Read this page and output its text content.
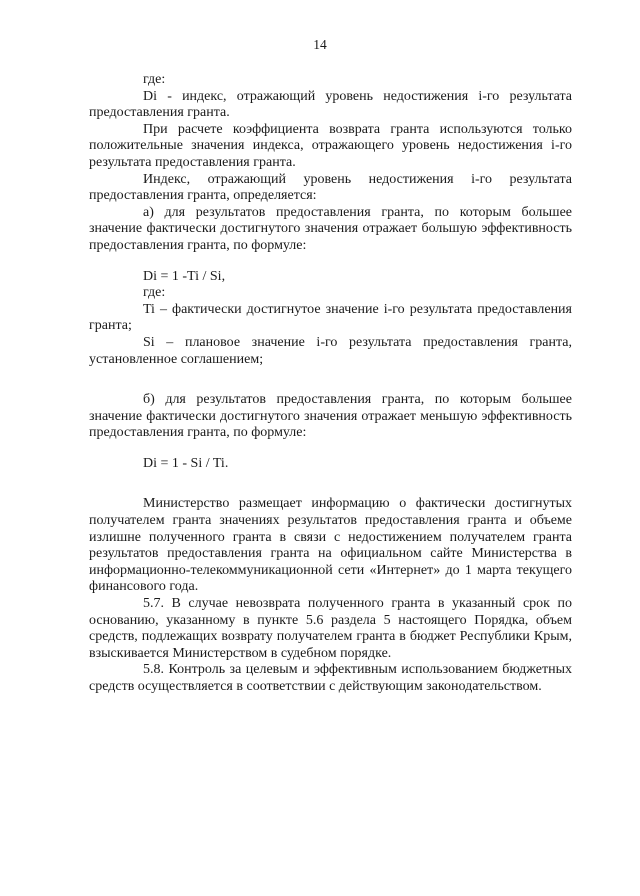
14

где:

Di - индекс, отражающий уровень недостижения i-го результата предоставления гранта.

При расчете коэффициента возврата гранта используются только положительные значения индекса, отражающего уровень недостижения i-го результата предоставления гранта.

Индекс, отражающий уровень недостижения i-го результата предоставления гранта, определяется:

а) для результатов предоставления гранта, по которым большее значение фактически достигнутого значения отражает большую эффективность предоставления гранта, по формуле:

Di = 1 -Ti / Si,

где:

Ti – фактически достигнутое значение i-го результата предоставления гранта;

Si – плановое значение i-го результата предоставления гранта, установленное соглашением;

б) для результатов предоставления гранта, по которым большее значение фактически достигнутого значения отражает меньшую эффективность предоставления гранта, по формуле:

Di = 1 - Si / Ti.

Министерство размещает информацию о фактически достигнутых получателем гранта значениях результатов предоставления гранта и объеме излишне полученного гранта в связи с недостижением получателем гранта результатов предоставления гранта на официальном сайте Министерства в информационно-телекоммуникационной сети «Интернет» до 1 марта текущего финансового года.

5.7. В случае невозврата полученного гранта в указанный срок по основанию, указанному в пункте 5.6 раздела 5 настоящего Порядка, объем средств, подлежащих возврату получателем гранта в бюджет Республики Крым, взыскивается Министерством в судебном порядке.

5.8. Контроль за целевым и эффективным использованием бюджетных средств осуществляется в соответствии с действующим законодательством.
